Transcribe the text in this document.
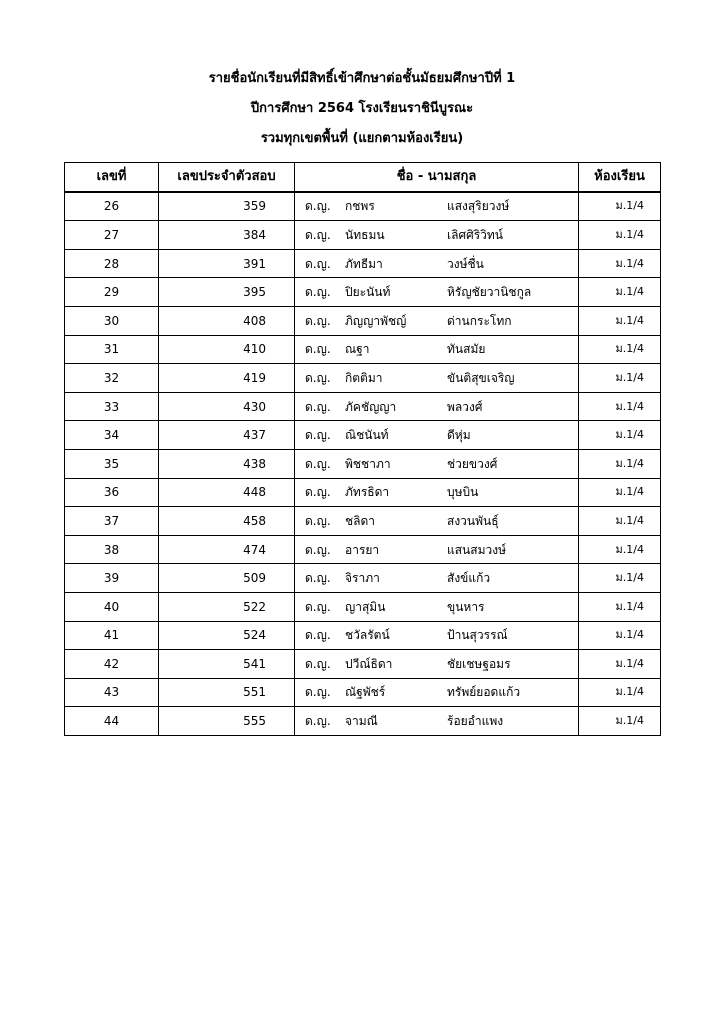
รายชื่อนักเรียนที่มีสิทธิ์เข้าศึกษาต่อชั้นมัธยมศึกษาปีที่ 1
ปีการศึกษา 2564 โรงเรียนราชินีบูรณะ
รวมทุกเขตพื้นที่ (แยกตามห้องเรียน)
เลขที่	เลขประจำตัวสอบ	ชื่อ - นามสกุล	ห้องเรียน
26	359	ด.ญ. กชพร แสงสุริยวงษ์	ม.1/4
27	384	ด.ญ. นัทธมน เลิศศิริวิทน์	ม.1/4
28	391	ด.ญ. ภัทธีมา วงษ์ชื่น	ม.1/4
29	395	ด.ญ. ปิยะนันท์ หิรัญชัยวานิชกูล	ม.1/4
30	408	ด.ญ. ภิญญาพัชญ์ ด่านกระโทก	ม.1/4
31	410	ด.ญ. ณฐา ทันสมัย	ม.1/4
32	419	ด.ญ. กิตติมา ขันติสุขเจริญ	ม.1/4
33	430	ด.ญ. ภัคชัญญา พลวงศ์	ม.1/4
34	437	ด.ญ. ณิชนันท์ ดีหุ่ม	ม.1/4
35	438	ด.ญ. พิชชาภา ช่วยขวงศ์	ม.1/4
36	448	ด.ญ. ภัทรธิดา บุษบิน	ม.1/4
37	458	ด.ญ. ชลิดา สงวนพันธุ์	ม.1/4
38	474	ด.ญ. อารยา แสนสมวงษ์	ม.1/4
39	509	ด.ญ. จิราภา สังข์แก้ว	ม.1/4
40	522	ด.ญ. ญาสุมิน ขุนหาร	ม.1/4
41	524	ด.ญ. ชวัลรัตน์ ป้านสุวรรณ์	ม.1/4
42	541	ด.ญ. ปวีณ์ธิดา ชัยเชษฐอมร	ม.1/4
43	551	ด.ญ. ณัฐพัชร์ ทรัพย์ยอดแก้ว	ม.1/4
44	555	ด.ญ. จามณี ร้อยอำแพง	ม.1/4
